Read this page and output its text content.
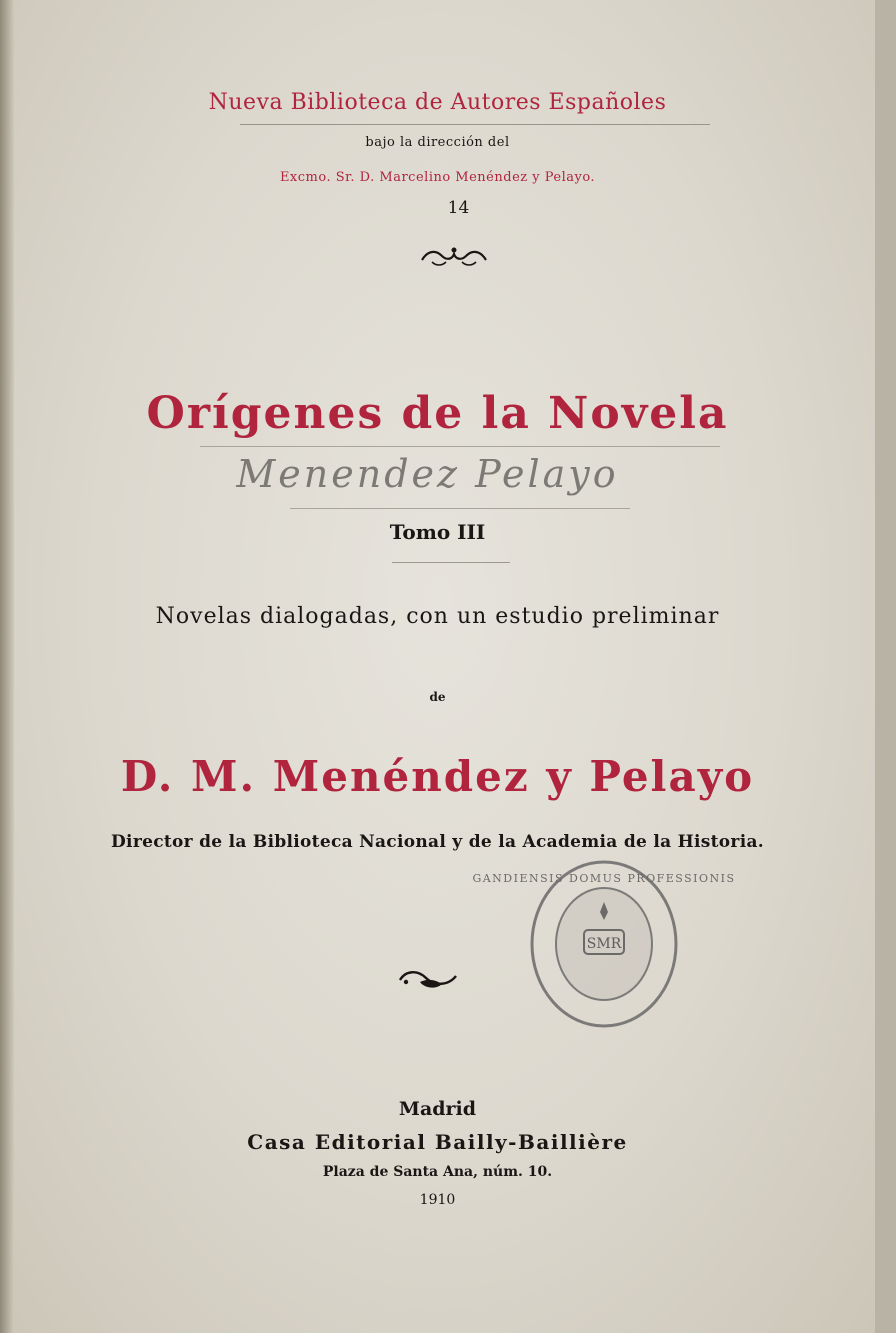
Nueva Biblioteca de Autores Españoles
bajo la dirección del
Excmo. Sr. D. Marcelino Menéndez y Pelayo.
14
Orígenes de la Novela
Menendez Pelayo
Tomo III
Novelas dialogadas, con un estudio preliminar
de
D. M. Menéndez y Pelayo
Director de la Biblioteca Nacional y de la Academia de la Historia.
GANDIENSIS DOMUS PROFESSIONIS
SMR
Madrid
Casa Editorial Bailly-Baillière
Plaza de Santa Ana, núm. 10.
1910
